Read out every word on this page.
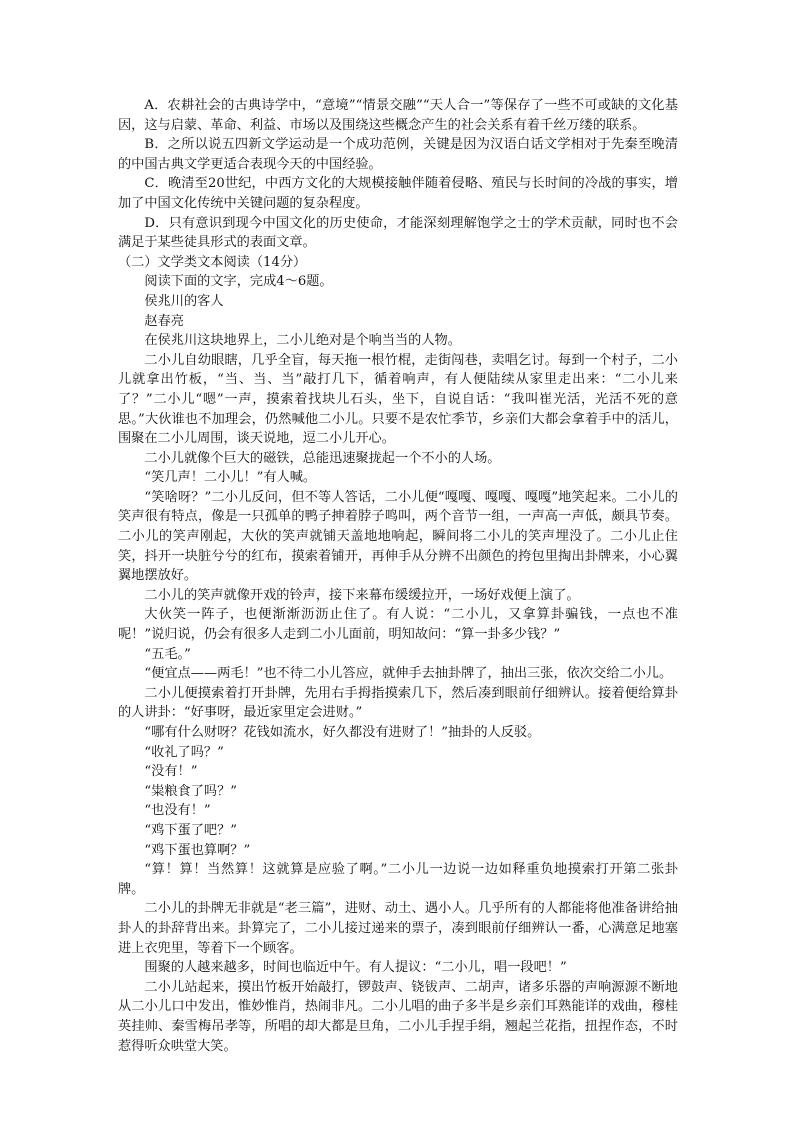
A．农耕社会的古典诗学中，“意境”“情景交融”“天人合一”等保存了一些不可或缺的文化基因，这与启蒙、革命、利益、市场以及围绕这些概念产生的社会关系有着千丝万缕的联系。

B．之所以说五四新文学运动是一个成功范例，关键是因为汉语白话文学相对于先秦至晚清的中国古典文学更适合表现今天的中国经验。

C．晚清至20世纪，中西方文化的大规模接触伴随着侵略、殖民与长时间的冷战的事实，增加了中国文化传统中关键问题的复杂程度。

D．只有意识到现今中国文化的历史使命，才能深刻理解饱学之士的学术贡献，同时也不会满足于某些徒具形式的表面文章。

（二）文学类文本阅读（14分）

阅读下面的文字，完成4～6题。

侯兆川的客人

赵春亮

在侯兆川这块地界上，二小儿绝对是个响当当的人物。

二小儿自幼眼瞎，几乎全盲，每天拖一根竹棍，走街闯巷，卖唱乞讨。每到一个村子，二小儿就拿出竹板，“当、当、当”敲打几下，循着响声，有人便陆续从家里走出来：“二小儿来了？”二小儿“嗯”一声，摸索着找块儿石头，坐下，自说自话：“我叫崔光活，光活不死的意思。”大伙谁也不加理会，仍然喊他二小儿。只要不是农忙季节，乡亲们大都会拿着手中的活儿，围聚在二小儿周围，谈天说地，逗二小儿开心。

二小儿就像个巨大的磁铁，总能迅速聚拢起一个不小的人场。

“笑几声！二小儿！”有人喊。

“笑啥呀？”二小儿反问，但不等人答话，二小儿便“嘎嘎、嘎嘎、嘎嘎”地笑起来。二小儿的笑声很有特点，像是一只孤单的鸭子抻着脖子鸣叫，两个音节一组，一声高一声低，颇具节奏。二小儿的笑声刚起，大伙的笑声就铺天盖地地响起，瞬间将二小儿的笑声埋没了。二小儿止住笑，抖开一块脏兮兮的红布，摸索着铺开，再伸手从分辨不出颜色的挎包里掏出卦牌来，小心翼翼地摆放好。

二小儿的笑声就像开戏的铃声，接下来幕布缓缓拉开，一场好戏便上演了。

大伙笑一阵子，也便渐渐沥沥止住了。有人说：“二小儿，又拿算卦骗钱，一点也不准呢！”说归说，仍会有很多人走到二小儿面前，明知故问：“算一卦多少钱？”

“五毛。”

“便宜点——两毛！”也不待二小儿答应，就伸手去抽卦牌了，抽出三张，依次交给二小儿。

二小儿便摸索着打开卦牌，先用右手拇指摸索几下，然后凑到眼前仔细辨认。接着便给算卦的人讲卦：“好事呀，最近家里定会进财。”

“哪有什么财呀？花钱如流水，好久都没有进财了！”抽卦的人反驳。

“收礼了吗？”

“没有！”

“粜粮食了吗？”

“也没有！”

“鸡下蛋了吧？”

“鸡下蛋也算啊？”

“算！算！当然算！这就算是应验了啊。”二小儿一边说一边如释重负地摸索打开第二张卦牌。

二小儿的卦牌无非就是“老三篇”，进财、动土、遇小人。几乎所有的人都能将他准备讲给抽卦人的卦辞背出来。卦算完了，二小儿接过递来的票子，凑到眼前仔细辨认一番，心满意足地塞进上衣兜里，等着下一个顾客。

围聚的人越来越多，时间也临近中午。有人提议：“二小儿，唱一段吧！”

二小儿站起来，摸出竹板开始敲打，锣鼓声、铙钹声、二胡声，诸多乐器的声响源源不断地从二小儿口中发出，惟妙惟肖，热闹非凡。二小儿唱的曲子多半是乡亲们耳熟能详的戏曲，穆桂英挂帅、秦雪梅吊孝等，所唱的却大都是旦角，二小儿手捏手绢，翘起兰花指，扭捏作态，不时惹得听众哄堂大笑。
